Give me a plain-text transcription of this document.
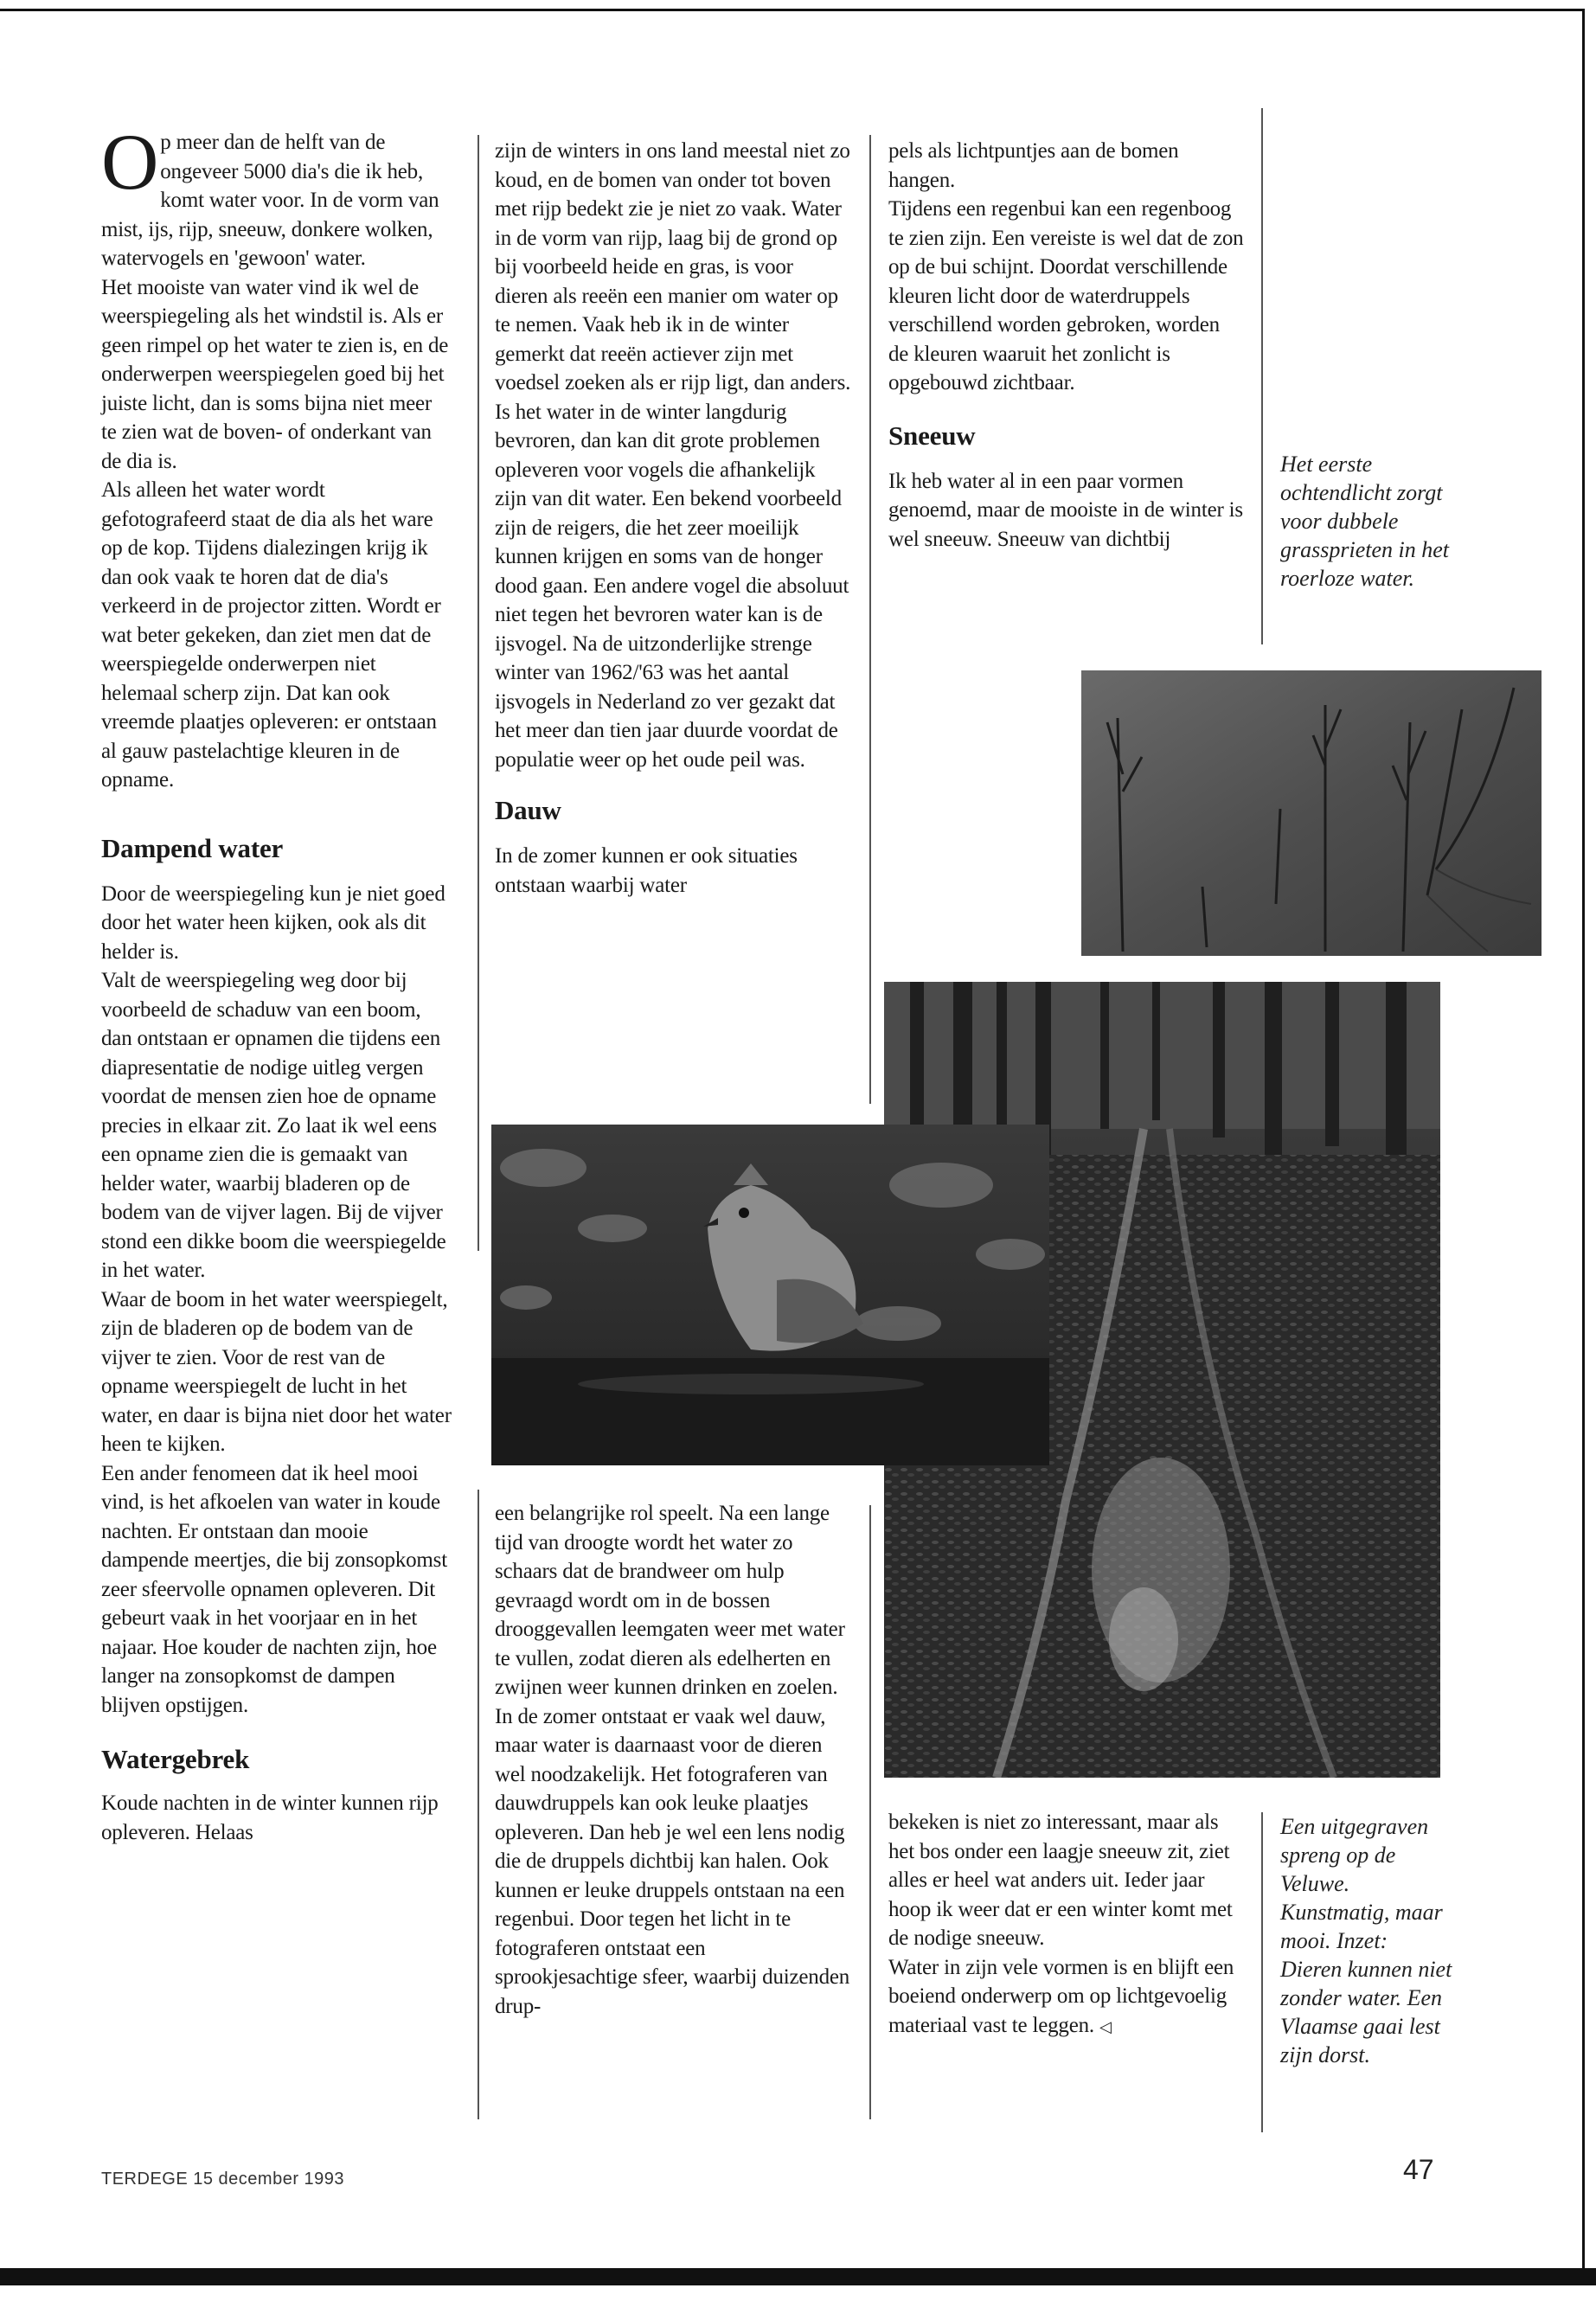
Op meer dan de helft van de ongeveer 5000 dia's die ik heb, komt water voor. In de vorm van mist, ijs, rijp, sneeuw, donkere wolken, watervogels en 'gewoon' water.

Het mooiste van water vind ik wel de weerspiegeling als het windstil is. Als er geen rimpel op het water te zien is, en de onderwerpen weerspiegelen goed bij het juiste licht, dan is soms bijna niet meer te zien wat de boven- of onderkant van de dia is.

Als alleen het water wordt gefotografeerd staat de dia als het ware op de kop. Tijdens dialezingen krijg ik dan ook vaak te horen dat de dia's verkeerd in de projector zitten. Wordt er wat beter gekeken, dan ziet men dat de weerspiegelde onderwerpen niet helemaal scherp zijn. Dat kan ook vreemde plaatjes opleveren: er ontstaan al gauw pastelachtige kleuren in de opname.

Dampend water

Door de weerspiegeling kun je niet goed door het water heen kijken, ook als dit helder is.

Valt de weerspiegeling weg door bij voorbeeld de schaduw van een boom, dan ontstaan er opnamen die tijdens een diapresentatie de nodige uitleg vergen voordat de mensen zien hoe de opname precies in elkaar zit. Zo laat ik wel eens een opname zien die is gemaakt van helder water, waarbij bladeren op de bodem van de vijver lagen. Bij de vijver stond een dikke boom die weerspiegelde in het water.

Waar de boom in het water weerspiegelt, zijn de bladeren op de bodem van de vijver te zien. Voor de rest van de opname weerspiegelt de lucht in het water, en daar is bijna niet door het water heen te kijken.

Een ander fenomeen dat ik heel mooi vind, is het afkoelen van water in koude nachten. Er ontstaan dan mooie dampende meertjes, die bij zonsopkomst zeer sfeervolle opnamen opleveren. Dit gebeurt vaak in het voorjaar en in het najaar. Hoe kouder de nachten zijn, hoe langer na zonsopkomst de dampen blijven opstijgen.

Watergebrek

Koude nachten in de winter kunnen rijp opleveren. Helaas

zijn de winters in ons land meestal niet zo koud, en de bomen van onder tot boven met rijp bedekt zie je niet zo vaak. Water in de vorm van rijp, laag bij de grond op bij voorbeeld heide en gras, is voor dieren als reeën een manier om water op te nemen. Vaak heb ik in de winter gemerkt dat reeën actiever zijn met voedsel zoeken als er rijp ligt, dan anders.

Is het water in de winter langdurig bevroren, dan kan dit grote problemen opleveren voor vogels die afhankelijk zijn van dit water. Een bekend voorbeeld zijn de reigers, die het zeer moeilijk kunnen krijgen en soms van de honger dood gaan. Een andere vogel die absoluut niet tegen het bevroren water kan is de ijsvogel. Na de uitzonderlijke strenge winter van 1962/'63 was het aantal ijsvogels in Nederland zo ver gezakt dat het meer dan tien jaar duurde voordat de populatie weer op het oude peil was.

Dauw

In de zomer kunnen er ook situaties ontstaan waarbij water

een belangrijke rol speelt. Na een lange tijd van droogte wordt het water zo schaars dat de brandweer om hulp gevraagd wordt om in de bossen drooggevallen leemgaten weer met water te vullen, zodat dieren als edelherten en zwijnen weer kunnen drinken en zoelen.

In de zomer ontstaat er vaak wel dauw, maar water is daarnaast voor de dieren wel noodzakelijk. Het fotograferen van dauwdruppels kan ook leuke plaatjes opleveren. Dan heb je wel een lens nodig die de druppels dichtbij kan halen. Ook kunnen er leuke druppels ontstaan na een regenbui. Door tegen het licht in te fotograferen ontstaat een sprookjesachtige sfeer, waarbij duizenden drup-

pels als lichtpuntjes aan de bomen hangen.

Tijdens een regenbui kan een regenboog te zien zijn. Een vereiste is wel dat de zon op de bui schijnt. Doordat verschillende kleuren licht door de waterdruppels verschillend worden gebroken, worden de kleuren waaruit het zonlicht is opgebouwd zichtbaar.

Sneeuw

Ik heb water al in een paar vormen genoemd, maar de mooiste in de winter is wel sneeuw. Sneeuw van dichtbij

bekeken is niet zo interessant, maar als het bos onder een laagje sneeuw zit, ziet alles er heel wat anders uit. Ieder jaar hoop ik weer dat er een winter komt met de nodige sneeuw.

Water in zijn vele vormen is en blijft een boeiend onderwerp om op lichtgevoelig materiaal vast te leggen. ◁

Het eerste ochtendlicht zorgt voor dubbele grassprieten in het roerloze water.
Een uitgegraven spreng op de Veluwe. Kunstmatig, maar mooi. Inzet: Dieren kunnen niet zonder water. Een Vlaamse gaai lest zijn dorst.
TERDEGE 15 december 1993	47
